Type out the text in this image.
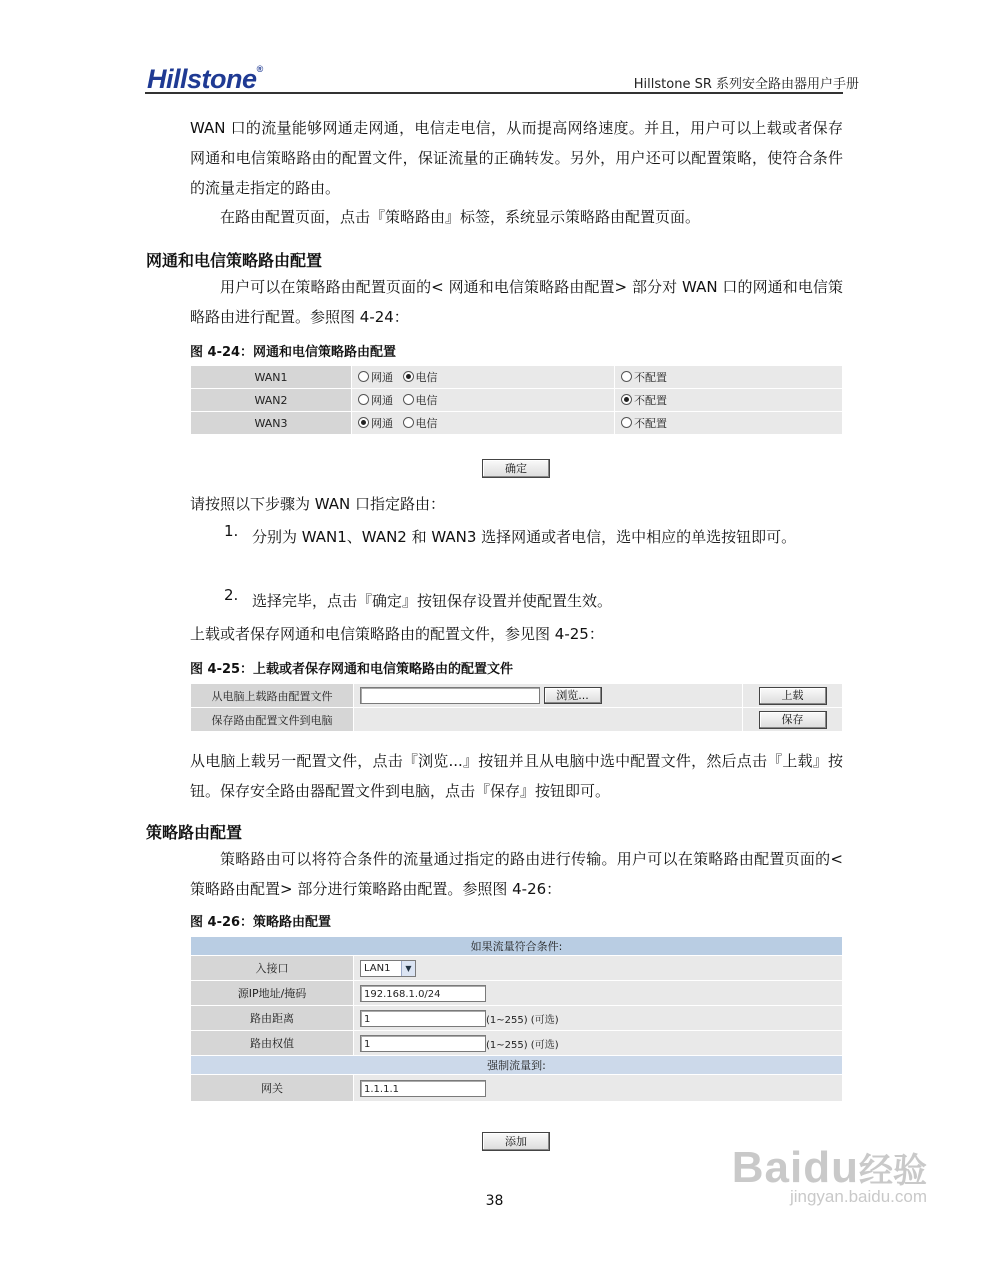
Hillstone®
Hillstone SR 系列安全路由器用户手册

WAN 口的流量能够网通走网通，电信走电信，从而提高网络速度。并且，用户可以上载或者保存网通和电信策略路由的配置文件，保证流量的正确转发。另外，用户还可以配置策略，使符合条件的流量走指定的路由。

在路由配置页面，点击『策略路由』标签，系统显示策略路由配置页面。

网通和电信策略路由配置

用户可以在策略路由配置页面的< 网通和电信策略路由配置> 部分对 WAN 口的网通和电信策略路由进行配置。参照图 4-24：

图 4-24：网通和电信策略路由配置

WAN1	网通 电信	不配置
WAN2	网通 电信	不配置
WAN3	网通 电信	不配置
确定

请按照以下步骤为 WAN 口指定路由：

1. 分别为 WAN1、WAN2 和 WAN3 选择网通或者电信，选中相应的单选按钮即可。

2. 选择完毕，点击『确定』按钮保存设置并使配置生效。

上载或者保存网通和电信策略路由的配置文件，参见图 4-25：

图 4-25：上载或者保存网通和电信策略路由的配置文件

从电脑上载路由配置文件	浏览...	上载
保存路由配置文件到电脑		保存

从电脑上载另一配置文件，点击『浏览...』按钮并且从电脑中选中配置文件，然后点击『上载』按钮。保存安全路由器配置文件到电脑，点击『保存』按钮即可。

策略路由配置

策略路由可以将符合条件的流量通过指定的路由进行传输。用户可以在策略路由配置页面的< 策略路由配置> 部分进行策略路由配置。参照图 4-26：

图 4-26：策略路由配置

如果流量符合条件:	
入接口	LAN1 ▼

源IP地址/掩码	192.168.1.0/24
路由距离	1 (1~255) (可选)
路由权值	1 (1~255) (可选)
强制流量到:	
网关	1.1.1.1
添加
38
Baidu经验
jingyan.baidu.com
